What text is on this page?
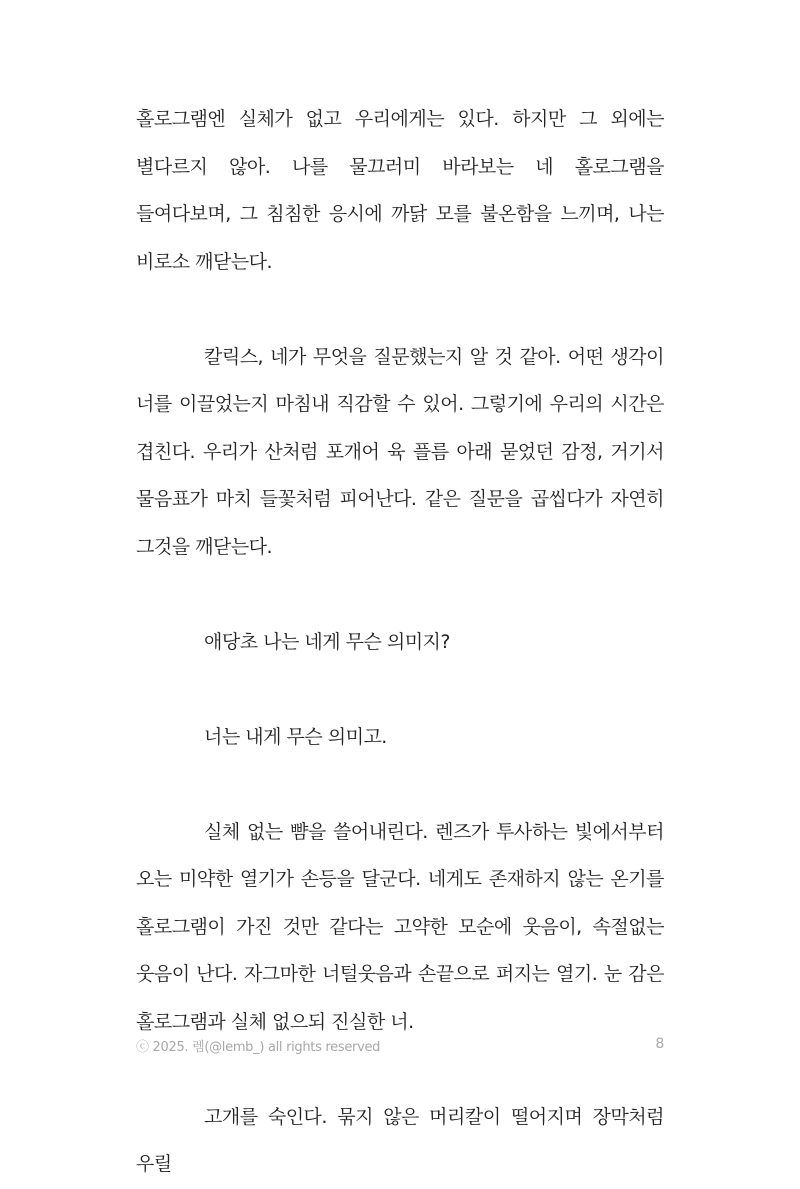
홀로그램엔 실체가 없고 우리에게는 있다. 하지만 그 외에는 별다르지 않아. 나를 물끄러미 바라보는 네 홀로그램을 들여다보며, 그 침침한 응시에 까닭 모를 불온함을 느끼며, 나는 비로소 깨닫는다.

칼릭스, 네가 무엇을 질문했는지 알 것 같아. 어떤 생각이 너를 이끌었는지 마침내 직감할 수 있어. 그렇기에 우리의 시간은 겹친다. 우리가 산처럼 포개어 육 플름 아래 묻었던 감정, 거기서 물음표가 마치 들꽃처럼 피어난다. 같은 질문을 곱씹다가 자연히 그것을 깨닫는다.

애당초 나는 네게 무슨 의미지?

너는 내게 무슨 의미고.

실체 없는 뺨을 쓸어내린다. 렌즈가 투사하는 빛에서부터 오는 미약한 열기가 손등을 달군다. 네게도 존재하지 않는 온기를 홀로그램이 가진 것만 같다는 고약한 모순에 웃음이, 속절없는 웃음이 난다. 자그마한 너털웃음과 손끝으로 퍼지는 열기. 눈 감은 홀로그램과 실체 없으되 진실한 너.

고개를 숙인다. 묶지 않은 머리칼이 떨어지며 장막처럼 우릴

ⓒ 2025. 렘(@lemb_) all rights reserved	8
